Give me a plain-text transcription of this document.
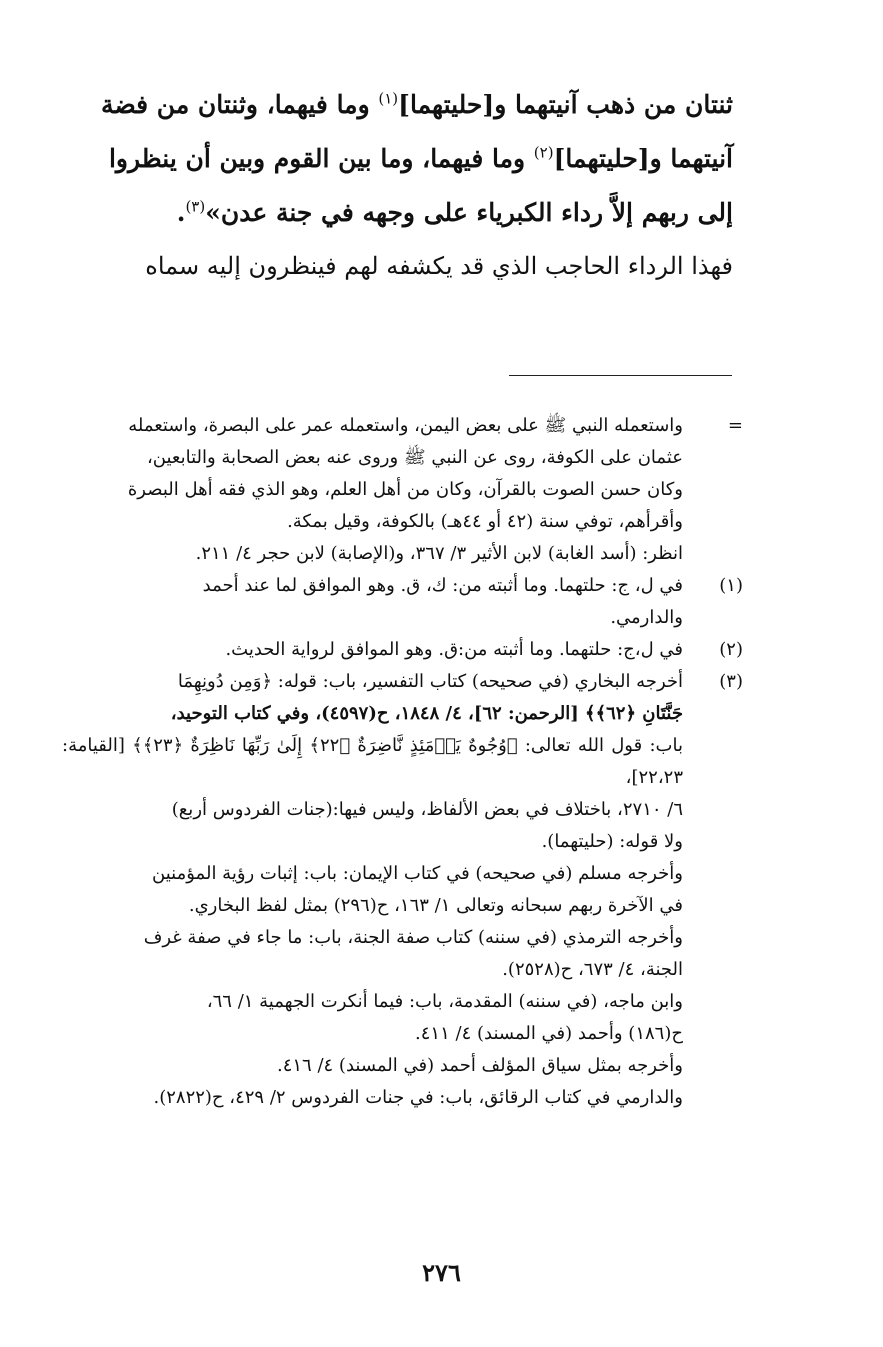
ثنتان من ذهب آنيتهما و[حليتهما]$^{(١)}$ وما فيهما، وثنتان من فضة

آنيتهما و[حليتهما]$^{(٢)}$ وما فيهما، وما بين القوم وبين أن ينظروا

إلى ربهم إلاَّ رداء الكبرياء على وجهه في جنة عدن»$^{(٣)}$.

فهذا الرداء الحاجب الذي قد يكشفه لهم فينظرون إليه سماه

=
واستعمله النبي ﷺ على بعض اليمن، واستعمله عمر على البصرة، واستعمله
عثمان على الكوفة، روى عن النبي ﷺ وروى عنه بعض الصحابة والتابعين،
وكان حسن الصوت بالقرآن، وكان من أهل العلم، وهو الذي فقه أهل البصرة
وأقرأهم، توفي سنة (٤٢ أو ٤٤هـ) بالكوفة، وقيل بمكة.
انظر: (أسد الغابة) لابن الأثير ٣/ ٣٦٧، و(الإصابة) لابن حجر ٤/ ٢١١.
(١)
في ل، ج: حلتهما. وما أثبته من: ك، ق. وهو الموافق لما عند أحمد
والدارمي.
(٢)
في ل،ج: حلتهما. وما أثبته من:ق. وهو الموافق لرواية الحديث.
(٣)
أخرجه البخاري (في صحيحه) كتاب التفسير، باب: قوله: ﴿وَمِن دُونِهِمَا
جَنَّتَانِ ﴿٦٢﴾﴾ [الرحمن: ٦٢]، ٤/ ١٨٤٨، ح(٤٥٩٧)، وفي كتاب التوحيد،
باب: قول الله تعالى: ﴿وُجُوهٌ يَوۡمَئِذٍ نَّاضِرَةٌ ﴿٢٢﴾ إِلَىٰ رَبِّهَا نَاظِرَةٌ ﴿٢٣﴾﴾ [القيامة: ٢٢،٢٣]،
٦/ ٢٧١٠، باختلاف في بعض الألفاظ، وليس فيها:(جنات الفردوس أربع)
ولا قوله: (حليتهما).
وأخرجه مسلم (في صحيحه) في كتاب الإيمان: باب: إثبات رؤية المؤمنين
في الآخرة ربهم سبحانه وتعالى ١/ ١٦٣، ح(٢٩٦) بمثل لفظ البخاري.
وأخرجه الترمذي (في سننه) كتاب صفة الجنة، باب: ما جاء في صفة غرف
الجنة، ٤/ ٦٧٣، ح(٢٥٢٨).
وابن ماجه، (في سننه) المقدمة، باب: فيما أنكرت الجهمية ١/ ٦٦،
ح(١٨٦) وأحمد (في المسند) ٤/ ٤١١.
وأخرجه بمثل سياق المؤلف أحمد (في المسند) ٤/ ٤١٦.
والدارمي في كتاب الرقائق، باب: في جنات الفردوس ٢/ ٤٢٩، ح(٢٨٢٢).
٢٧٦
